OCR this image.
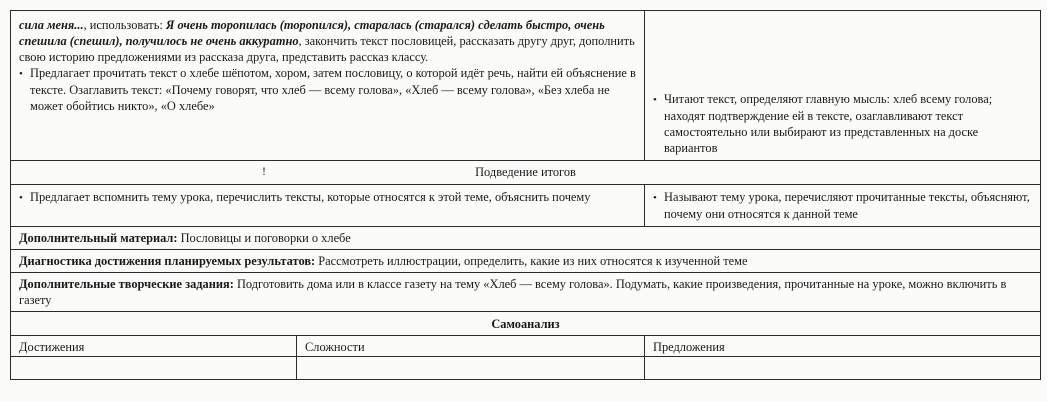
сила меня..., использовать: Я очень торопилась (торопился), старалась (старался) сделать быстро, очень спешила (спешил), получилось не очень аккуратно, закончить текст пословицей, рассказать другу друг, дополнить свою историю предложениями из рассказа друга, представить рассказ классу.
• Предлагает прочитать текст о хлебе шёпотом, хором, затем пословицу, о которой идёт речь, найти ей объяснение в тексте. Озаглавить текст: «Почему говорят, что хлеб — всему голова», «Хлеб — всему голова», «Без хлеба не может обойтись никто», «О хлебе»		• Читают текст, определяют главную мысль: хлеб всему голова; находят подтверждение ей в тексте, озаглавливают текст самостоятельно или выбирают из представленных на доске вариантов

Подведение итогов		

• Предлагает вспомнить тему урока, перечислить тексты, которые относятся к этой теме, объяснить почему		• Называют тему урока, перечисляют прочитанные тексты, объясняют, почему они относятся к данной теме

Дополнительный материал: Пословицы и поговорки о хлебе		
Диагностика достижения планируемых результатов: Рассмотреть иллюстрации, определить, какие из них относятся к изученной теме		
Дополнительные творческие задания: Подготовить дома или в классе газету на тему «Хлеб — всему голова». Подумать, какие произведения, прочитанные на уроке, можно включить в газету		
Самоанализ		
Достижения	Сложности	Предложения

!
